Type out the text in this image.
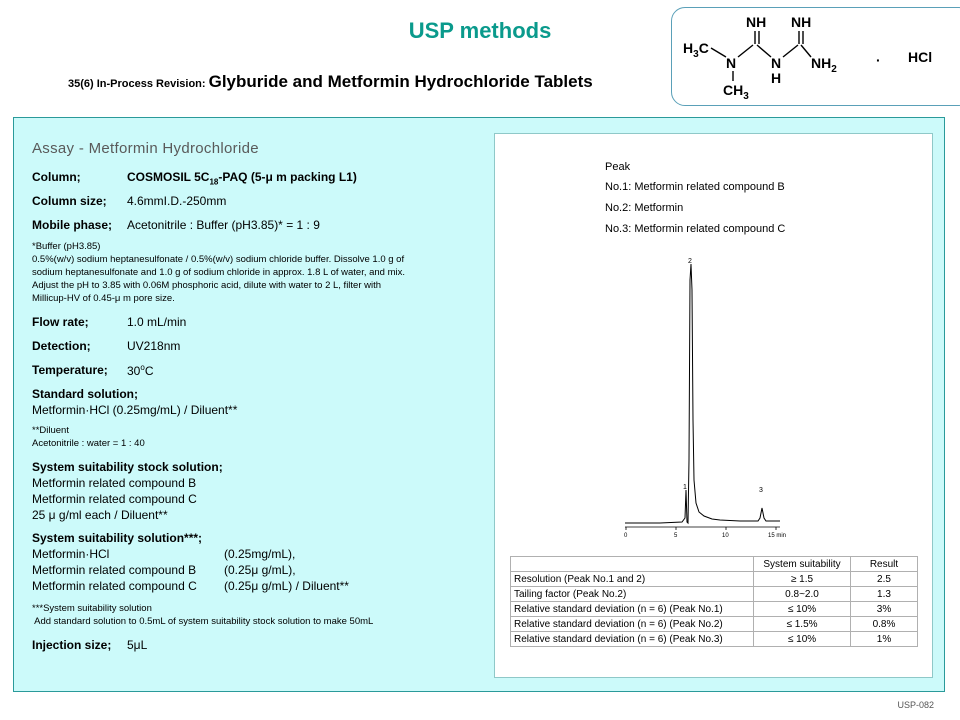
USP methods
35(6) In-Process Revision: Glyburide and Metformin Hydrochloride Tablets
NH NH
$H_3C$
N N
H
$NH_2$
$CH_3$
· HCl
Assay - Metformin Hydrochloride
Column;	COSMOSIL $5C_{18}$-PAQ (5-μ m packing L1)
Column size; 4.6mmI.D.-250mm
Mobile phase; Acetonitrile : Buffer (pH3.85)* = 1 : 9
*Buffer (pH3.85)
0.5%(w/v) sodium heptanesulfonate / 0.5%(w/v) sodium chloride buffer. Dissolve 1.0 g of
sodium heptanesulfonate and 1.0 g of sodium chloride in approx. 1.8 L of water, and mix.
Adjust the pH to 3.85 with 0.06M phosphoric acid, dilute with water to 2 L, filter with
Millicup-HV of 0.45-μ m pore size.
Flow rate;	1.0 mL/min
Detection;	UV218nm
Temperature; 30$^o$C
Standard solution;
Metformin·HCl (0.25mg/mL) / Diluent**
**Diluent
Acetonitrile : water = 1 : 40
System suitability stock solution;
Metformin related compound B
Metformin related compound C
25 μ g/ml each / Diluent**
System suitability solution***;
Metformin·HCl	(0.25mg/mL),
Metformin related compound B (0.25μ g/mL),
Metformin related compound C (0.25μ g/mL) / Diluent**
***System suitability solution
Add standard solution to 0.5mL of system suitability stock solution to make 50mL
Injection size; 5μL
Peak
No.1: Metformin related compound B
No.2: Metformin
No.3: Metformin related compound C
0	5	10	15 min
1
2
3
	System suitability	Result
Resolution (Peak No.1 and 2)	≥ 1.5	2.5
Tailing factor (Peak No.2)	0.8~2.0	1.3
Relative standard deviation (n = 6) (Peak No.1)	≤ 10%	3%
Relative standard deviation (n = 6) (Peak No.2)	≤ 1.5%	0.8%
Relative standard deviation (n = 6) (Peak No.3)	≤ 10%	1%
USP-082
